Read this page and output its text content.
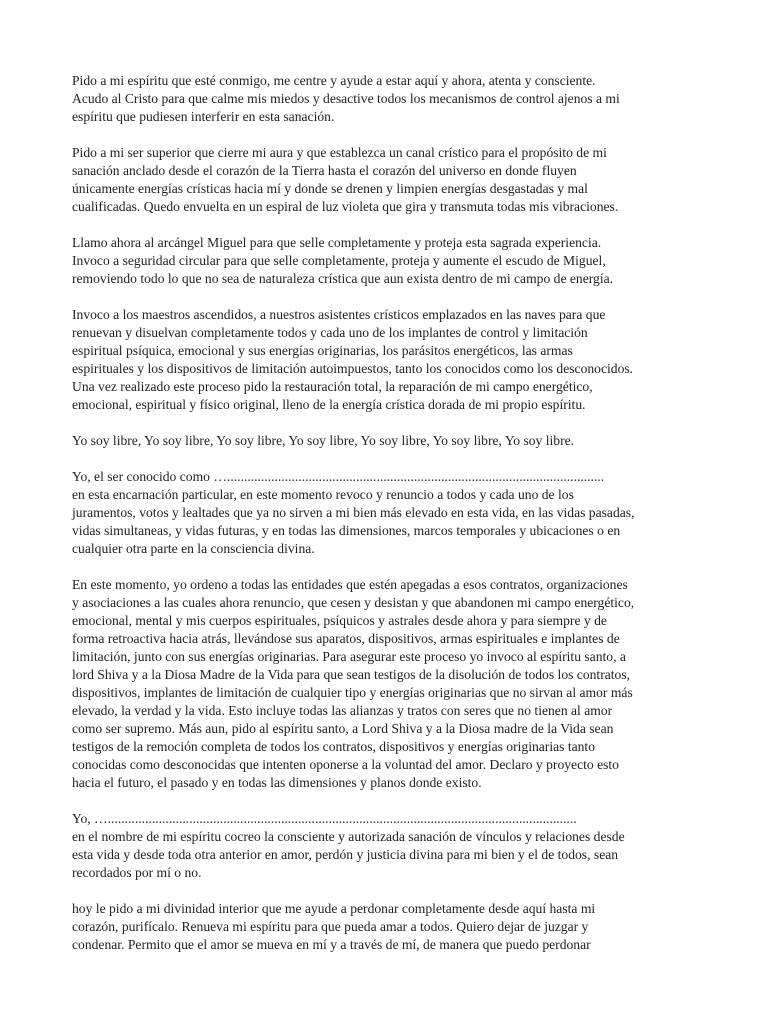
Pido a mi espíritu que esté conmigo, me centre y ayude a estar aquí y ahora, atenta y consciente.
Acudo al Cristo para que calme mis miedos y desactive todos los mecanismos de control ajenos a mi
espíritu que pudiesen interferir en esta sanación.

Pido a mi ser superior que cierre mi aura y que establezca un canal crístico para el propósito de mi
sanación anclado desde el corazón de la Tierra hasta el corazón del universo en donde fluyen
únicamente energías crísticas hacia mí y donde se drenen y limpien energías desgastadas y mal
cualificadas. Quedo envuelta en un espiral de luz violeta que gira y transmuta todas mis vibraciones.

Llamo ahora al arcángel Miguel para que selle completamente y proteja esta sagrada experiencia.
Invoco a seguridad circular para que selle completamente, proteja y aumente el escudo de Miguel,
removiendo todo lo que no sea de naturaleza crística que aun exista dentro de mi campo de energía.

Invoco a los maestros ascendidos, a nuestros asistentes crísticos emplazados en las naves para que
renuevan y disuelvan completamente todos y cada uno de los implantes de control y limitación
espiritual psíquica, emocional y sus energías originarias, los parásitos energéticos, las armas
espirituales y los dispositivos de limitación autoimpuestos, tanto los conocidos como los desconocidos.
Una vez realizado este proceso pido la restauración total, la reparación de mi campo energético,
emocional, espiritual y físico original, lleno de la energía crística dorada de mi propio espíritu.

Yo soy libre, Yo soy libre, Yo soy libre, Yo soy libre, Yo soy libre, Yo soy libre, Yo soy libre.

Yo, el ser conocido como …...............................................................................................................
en esta encarnación particular, en este momento revoco y renuncio a todos y cada uno de los
juramentos, votos y lealtades que ya no sirven a mi bien más elevado en esta vida, en las vidas pasadas,
vidas simultaneas, y vidas futuras, y en todas las dimensiones, marcos temporales y ubicaciones o en
cualquier otra parte en la consciencia divina.

En este momento, yo ordeno a todas las entidades que estén apegadas a esos contratos, organizaciones
y asociaciones a las cuales ahora renuncio, que cesen y desistan y que abandonen mi campo energético,
emocional, mental y mis cuerpos espirituales, psíquicos y astrales desde ahora y para siempre y de
forma retroactiva hacia atrás, llevándose sus aparatos, dispositivos, armas espirituales e implantes de
limitación, junto con sus energías originarias. Para asegurar este proceso yo invoco al espíritu santo, a
lord Shiva y a la Diosa Madre de la Vida para que sean testigos de la disolución de todos los contratos,
dispositivos, implantes de limitación de cualquier tipo y energías originarias que no sirvan al amor más
elevado, la verdad y la vida. Esto incluye todas las alianzas y tratos con seres que no tienen al amor
como ser supremo. Más aun, pido al espíritu santo, a Lord Shiva y a la Diosa madre de la Vida sean
testigos de la remoción completa de todos los contratos, dispositivos y energías originarias tanto
conocidas como desconocidas que intenten oponerse a la voluntad del amor. Declaro y proyecto esto
hacia el futuro, el pasado y en todas las dimensiones y planos donde existo.

Yo, …..........................................................................................................................................
en el nombre de mi espíritu cocreo la consciente y autorizada sanación de vínculos y relaciones desde
esta vida y desde toda otra anterior en amor, perdón y justicia divina para mi bien y el de todos, sean
recordados por mí o no.

hoy le pido a mi divinidad interior que me ayude a perdonar completamente desde aquí hasta mi
corazón, purifícalo. Renueva mi espíritu para que pueda amar a todos. Quiero dejar de juzgar y
condenar. Permito que el amor se mueva en mí y a través de mí, de manera que puedo perdonar
